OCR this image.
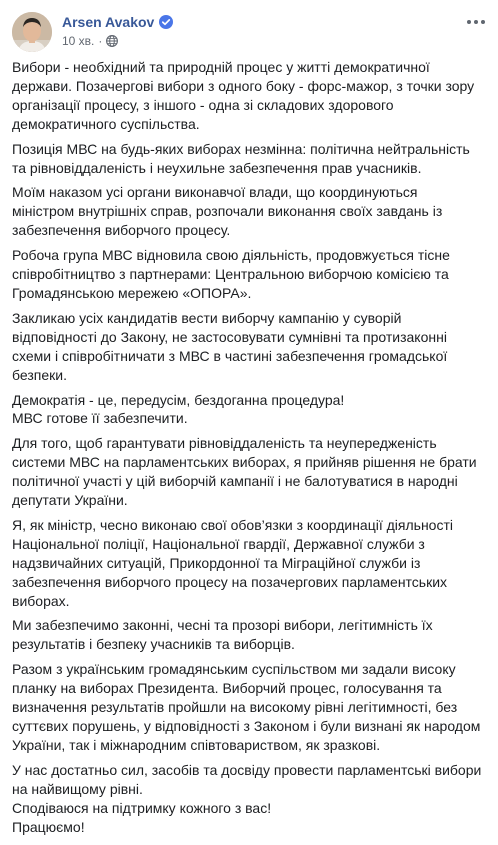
Arsen Avakov
10 хв. ·

Вибори - необхідний та природній процес у житті демократичної держави. Позачергові вибори з одного боку - форс-мажор, з точки зору організації процесу, з іншого - одна зі складових здорового демократичного суспільства.

Позиція МВС на будь-яких виборах незмінна: політична нейтральність та рівновіддаленість і неухильне забезпечення прав учасників.

Моїм наказом усі органи виконавчої влади, що координуються міністром внутрішніх справ, розпочали виконання своїх завдань із забезпечення виборчого процесу.

Робоча група МВС відновила свою діяльність, продовжується тісне співробітництво з партнерами: Центральною виборчою комісією та Громадянською мережею «ОПОРА».

Закликаю усіх кандидатів вести виборчу кампанію у суворій відповідності до Закону, не застосовувати сумнівні та протизаконні схеми і співробітничати з МВС в частині забезпечення громадської безпеки.

Демократія - це, передусім, бездоганна процедура!
МВС готове її забезпечити.

Для того, щоб гарантувати рівновіддаленість та неупередженість системи МВС на парламентських виборах, я прийняв рішення не брати політичної участі у цій виборчій кампанії і не балотуватися в народні депутати України.

Я, як міністр, чесно виконаю свої обов’язки з координації діяльності Національної поліції, Національної гвардії, Державної служби з надзвичайних ситуацій, Прикордонної та Міграційної служби із забезпечення виборчого процесу на позачергових парламентських виборах.

Ми забезпечимо законні, чесні та прозорі вибори, легітимність їх результатів і безпеку учасників та виборців.

Разом з українським громадянським суспільством ми задали високу планку на виборах Президента. Виборчий процес, голосування та визначення результатів пройшли на високому рівні легітимності, без суттєвих порушень, у відповідності з Законом і були визнані як народом України, так і міжнародним співтовариством, як зразкові.

У нас достатньо сил, засобів та досвіду провести парламентські вибори на найвищому рівні.
Сподіваюся на підтримку кожного з вас!
Працюємо!
